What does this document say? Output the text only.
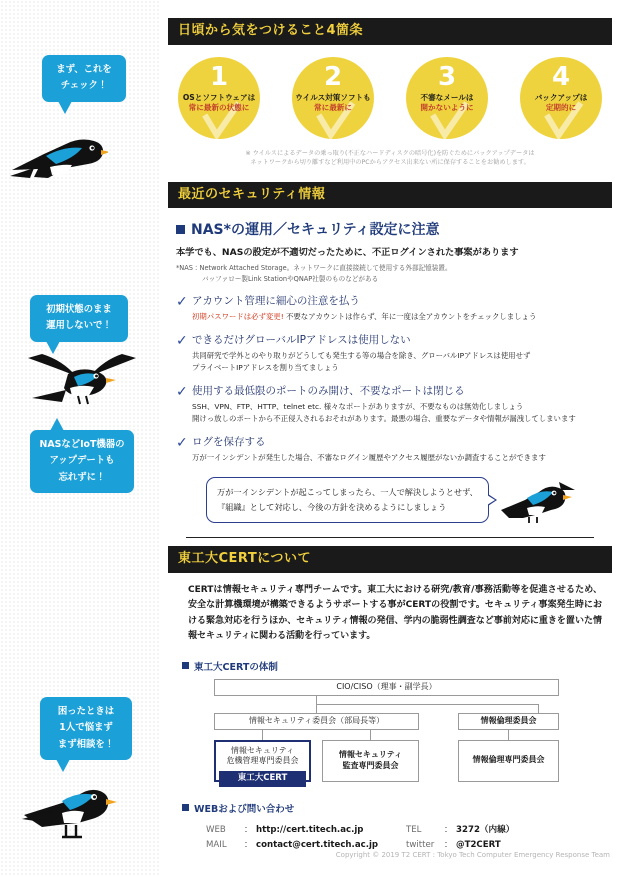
まず、これを
チェック！
初期状態のまま
運用しないで！
NASなどIoT機器の
アップデートも
忘れずに！
困ったときは
1人で悩まず
まず相談を！
日頃から気をつけること4箇条
1
OSとソフトウェアは
常に最新の状態に
2
ウイルス対策ソフトも
常に最新に
3
不審なメールは
開かないように
4
バックアップは
定期的に
※ ウイルスによるデータの乗っ取り(不正なハードディスクの暗号化)を防ぐためにバックアップデータは
ネットワークから切り離すなど利用中のPCからアクセス出来ない所に保存することをお勧めします。
最近のセキュリティ情報
NAS*の運用／セキュリティ設定に注意
本学でも、NASの設定が不適切だったために、不正ログインされた事案があります
*NAS：Network Attached Storage。ネットワークに直接接続して使用する外部記憶装置。
バッファロー製Link StationやQNAP社製のものなどがある
✓ アカウント管理に細心の注意を払う
初期パスワードは必ず変更! 不要なアカウントは作らず、年に一度は全アカウントをチェックしましょう
✓ できるだけグローバルIPアドレスは使用しない
共同研究で学外とのやり取りがどうしても発生する等の場合を除き、グローバルIPアドレスは使用せず
プライベートIPアドレスを割り当てましょう
✓ 使用する最低限のポートのみ開け、不要なポートは閉じる
SSH、VPN、FTP、HTTP、telnet etc. 様々なポートがありますが、不要なものは無効化しましょう
開けっ放しのポートから不正侵入されるおそれがあります。最悪の場合、重要なデータや情報が漏洩してしまいます
✓ ログを保存する
万が一インシデントが発生した場合、不審なログイン履歴やアクセス履歴がないか調査することができます
万が一インシデントが起こってしまったら、一人で解決しようとせず、
『組織』として対応し、今後の方針を決めるようにしましょう
東工大CERTについて
CERTは情報セキュリティ専門チームです。東工大における研究/教育/事務活動等を促進させるため、安全な計算機環境が構築できるようサポートする事がCERTの役割です。セキュリティ事案発生時における緊急対応を行うほか、セキュリティ情報の発信、学内の脆弱性調査など事前対応に重きを置いた情報セキュリティに関わる活動を行っています。
東工大CERTの体制
CIO/CISO（理事・副学長）
情報セキュリティ委員会（部局長等）	情報倫理委員会
情報セキュリティ
危機管理専門委員会
東工大CERT
情報セキュリティ
監査専門委員会
情報倫理専門委員会
WEBおよび問い合わせ
WEB	： http://cert.titech.ac.jp
MAIL	： contact@cert.titech.ac.jp
TEL	： 3272（内線）
twitter	： @T2CERT
Copyright © 2019 T2 CERT : Tokyo Tech Computer Emergency Response Team
